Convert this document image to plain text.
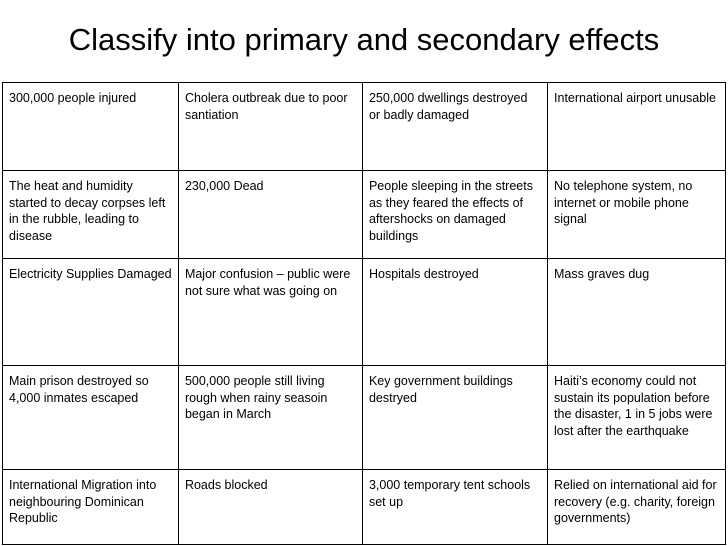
Classify into primary and secondary effects
300,000 people injured	Cholera outbreak due to poor santiation	250,000 dwellings destroyed or badly damaged	International airport unusable
The heat and humidity started to decay corpses left in the rubble, leading to disease	230,000 Dead	People sleeping in the streets as they feared the effects of aftershocks on damaged buildings	No telephone system, no internet or mobile phone signal
Electricity Supplies Damaged	Major confusion – public were not sure what was going on	Hospitals destroyed	Mass graves dug
Main prison destroyed so 4,000 inmates escaped	500,000 people still living rough when rainy seasoin began in March	Key government buildings destryed	Haiti’s economy could not sustain its population before the disaster, 1 in 5 jobs were lost after the earthquake
International Migration into neighbouring Dominican Republic	Roads blocked	3,000 temporary tent schools set up	Relied on international aid for recovery (e.g. charity, foreign governments)
